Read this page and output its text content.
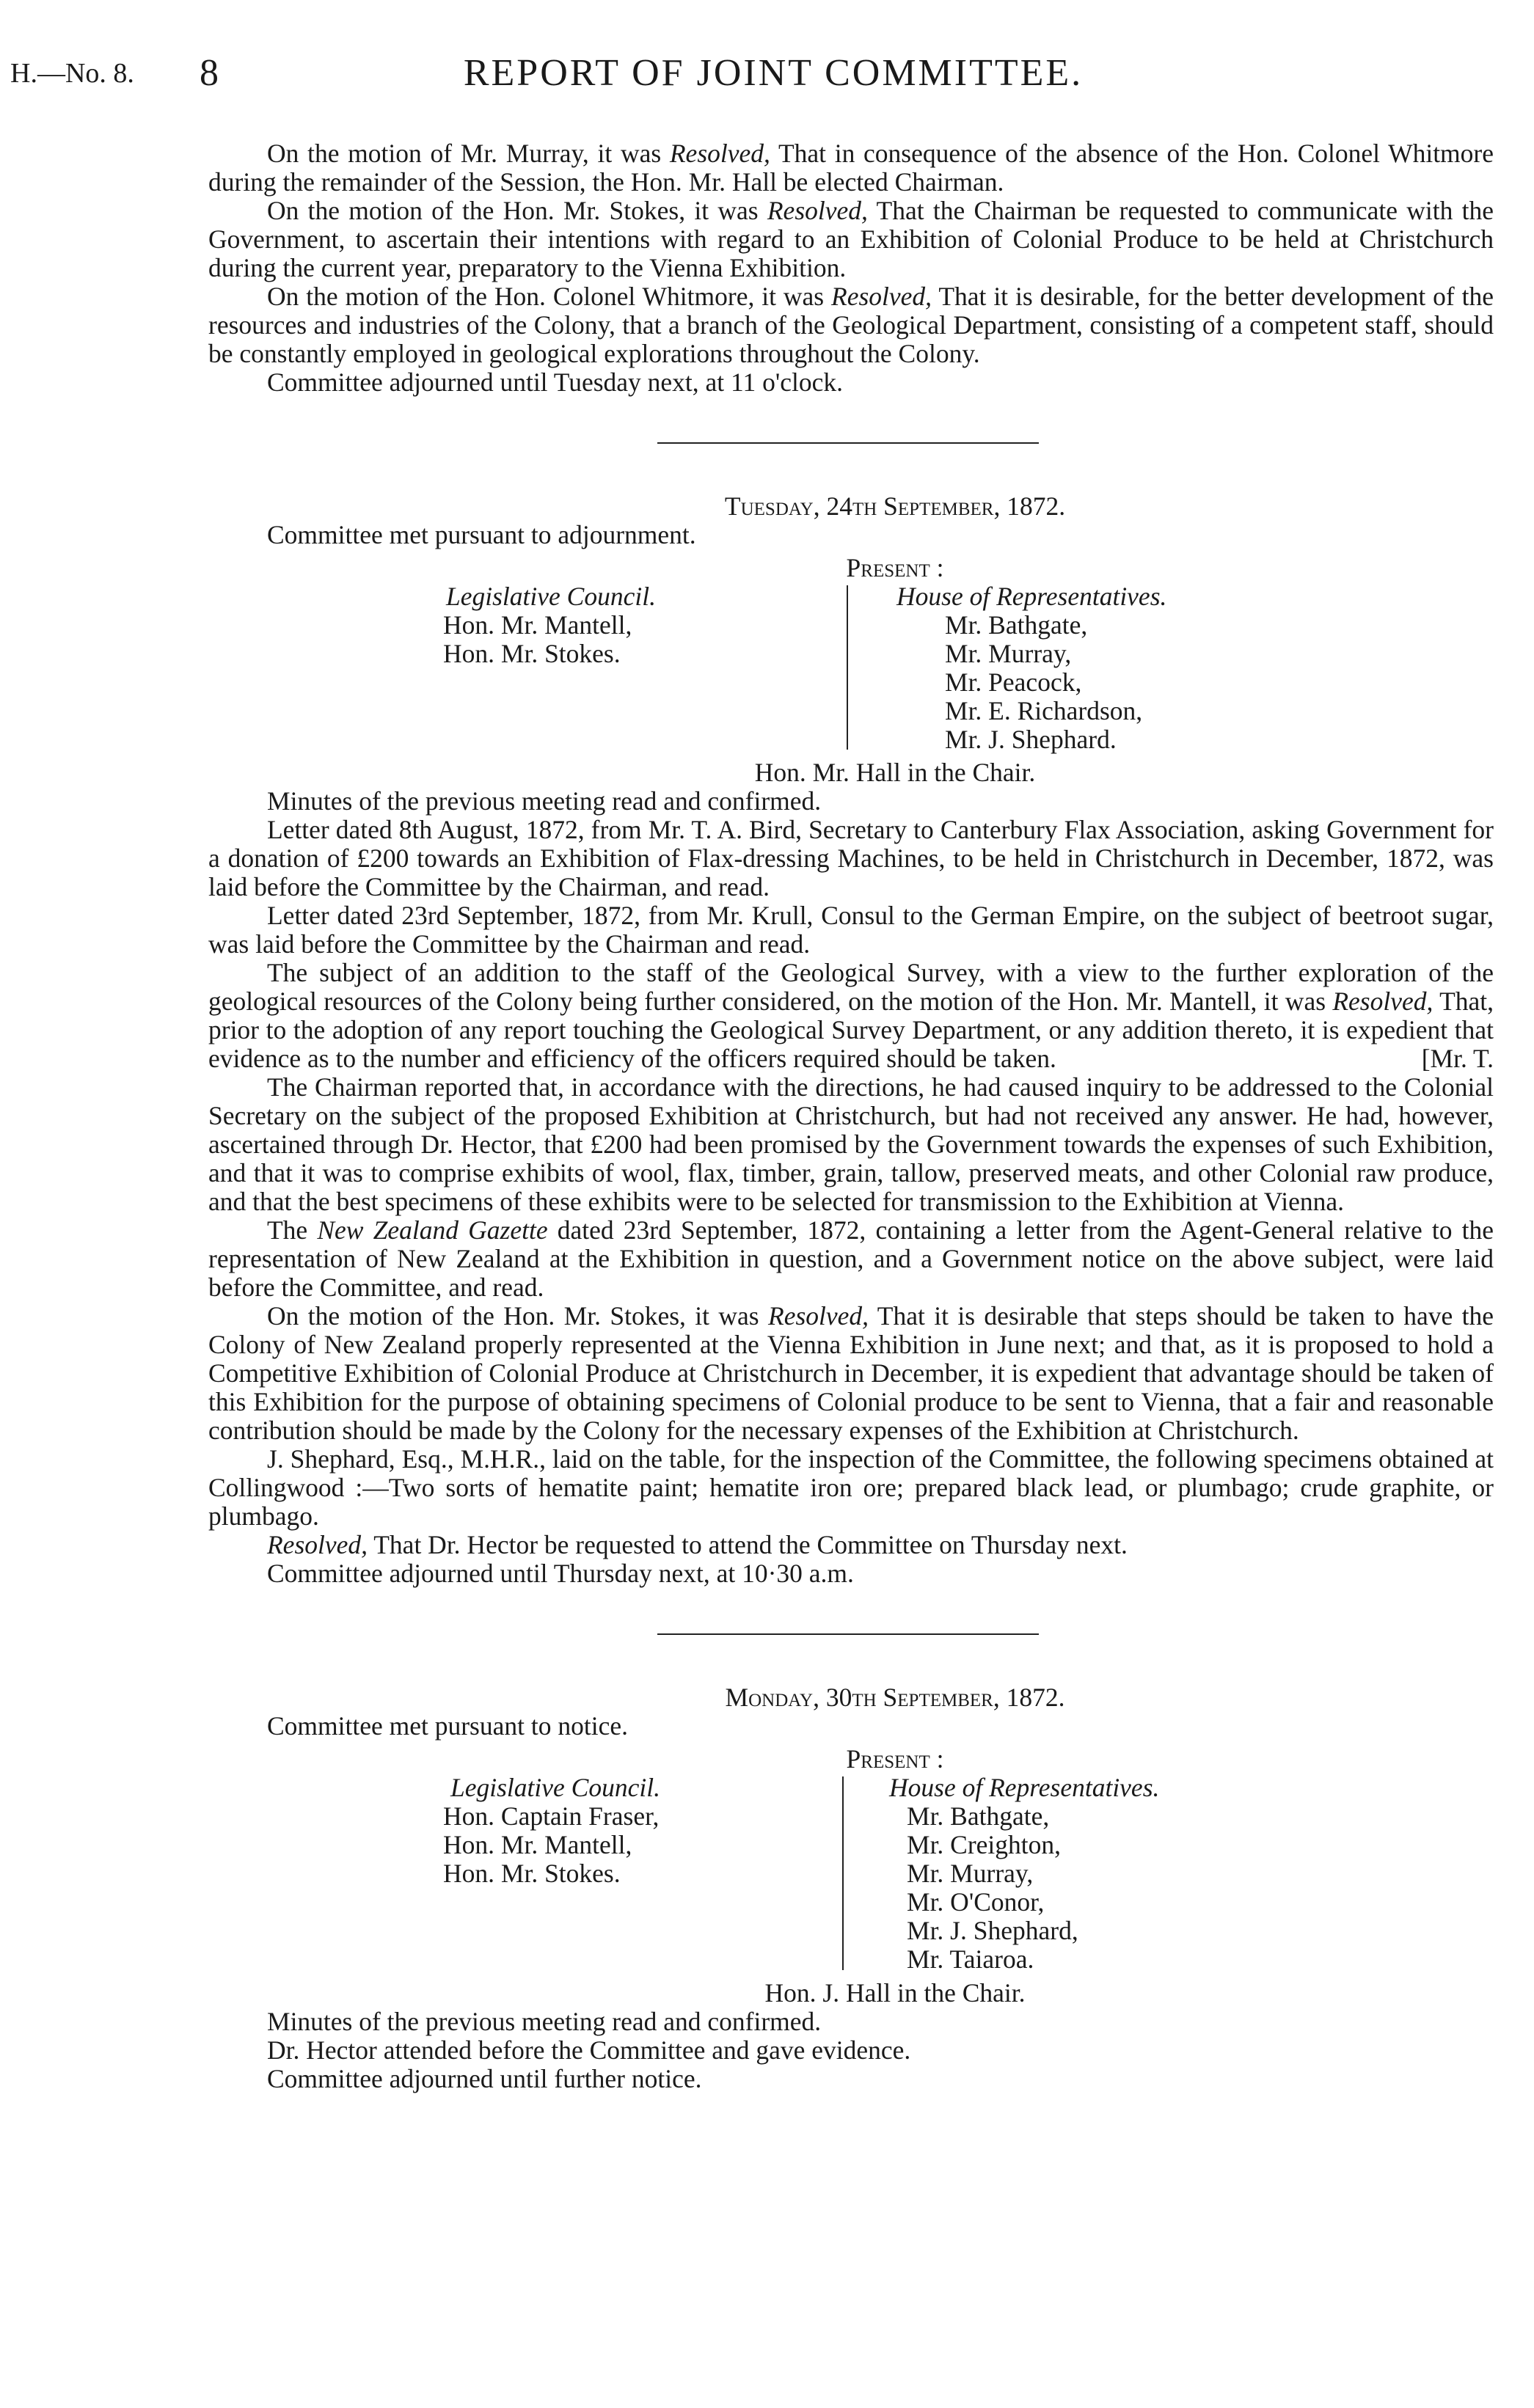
H.—No. 8. 8	REPORT OF JOINT COMMITTEE.

On the motion of Mr. Murray, it was Resolved, That in consequence of the absence of the Hon. Colonel Whitmore during the remainder of the Session, the Hon. Mr. Hall be elected Chairman.

On the motion of the Hon. Mr. Stokes, it was Resolved, That the Chairman be requested to communicate with the Government, to ascertain their intentions with regard to an Exhibition of Colonial Produce to be held at Christchurch during the current year, preparatory to the Vienna Exhibition.

On the motion of the Hon. Colonel Whitmore, it was Resolved, That it is desirable, for the better development of the resources and industries of the Colony, that a branch of the Geological Department, consisting of a competent staff, should be constantly employed in geological explorations throughout the Colony.

Committee adjourned until Tuesday next, at 11 o'clock.

Tuesday, 24th September, 1872.

Committee met pursuant to adjournment.

Present :

Legislative Council.
Hon. Mr. Mantell,
Hon. Mr. Stokes.
House of Representatives.
Mr. Bathgate,
Mr. Murray,
Mr. Peacock,
Mr. E. Richardson,
Mr. J. Shephard.

Hon. Mr. Hall in the Chair.

Minutes of the previous meeting read and confirmed.

Letter dated 8th August, 1872, from Mr. T. A. Bird, Secretary to Canterbury Flax Association, asking Government for a donation of £200 towards an Exhibition of Flax-dressing Machines, to be held in Christchurch in December, 1872, was laid before the Committee by the Chairman, and read.

Letter dated 23rd September, 1872, from Mr. Krull, Consul to the German Empire, on the subject of beetroot sugar, was laid before the Committee by the Chairman and read.

The subject of an addition to the staff of the Geological Survey, with a view to the further exploration of the geological resources of the Colony being further considered, on the motion of the Hon. Mr. Mantell, it was Resolved, That, prior to the adoption of any report touching the Geological Survey Department, or any addition thereto, it is expedient that evidence as to the number and efficiency of the officers required should be taken.	[Mr. T.

The Chairman reported that, in accordance with the directions, he had caused inquiry to be addressed to the Colonial Secretary on the subject of the proposed Exhibition at Christchurch, but had not received any answer. He had, however, ascertained through Dr. Hector, that £200 had been promised by the Government towards the expenses of such Exhibition, and that it was to comprise exhibits of wool, flax, timber, grain, tallow, preserved meats, and other Colonial raw produce, and that the best specimens of these exhibits were to be selected for transmission to the Exhibition at Vienna.

The New Zealand Gazette dated 23rd September, 1872, containing a letter from the Agent-General relative to the representation of New Zealand at the Exhibition in question, and a Government notice on the above subject, were laid before the Committee, and read.

On the motion of the Hon. Mr. Stokes, it was Resolved, That it is desirable that steps should be taken to have the Colony of New Zealand properly represented at the Vienna Exhibition in June next; and that, as it is proposed to hold a Competitive Exhibition of Colonial Produce at Christchurch in December, it is expedient that advantage should be taken of this Exhibition for the purpose of obtaining specimens of Colonial produce to be sent to Vienna, that a fair and reasonable contribution should be made by the Colony for the necessary expenses of the Exhibition at Christchurch.

J. Shephard, Esq., M.H.R., laid on the table, for the inspection of the Committee, the following specimens obtained at Collingwood :—Two sorts of hematite paint; hematite iron ore; prepared black lead, or plumbago; crude graphite, or plumbago.

Resolved, That Dr. Hector be requested to attend the Committee on Thursday next.

Committee adjourned until Thursday next, at 10·30 a.m.

Monday, 30th September, 1872.

Committee met pursuant to notice.

Present :

Legislative Council.
Hon. Captain Fraser,
Hon. Mr. Mantell,
Hon. Mr. Stokes.
House of Representatives.
Mr. Bathgate,
Mr. Creighton,
Mr. Murray,
Mr. O'Conor,
Mr. J. Shephard,
Mr. Taiaroa.

Hon. J. Hall in the Chair.

Minutes of the previous meeting read and confirmed.

Dr. Hector attended before the Committee and gave evidence.

Committee adjourned until further notice.
